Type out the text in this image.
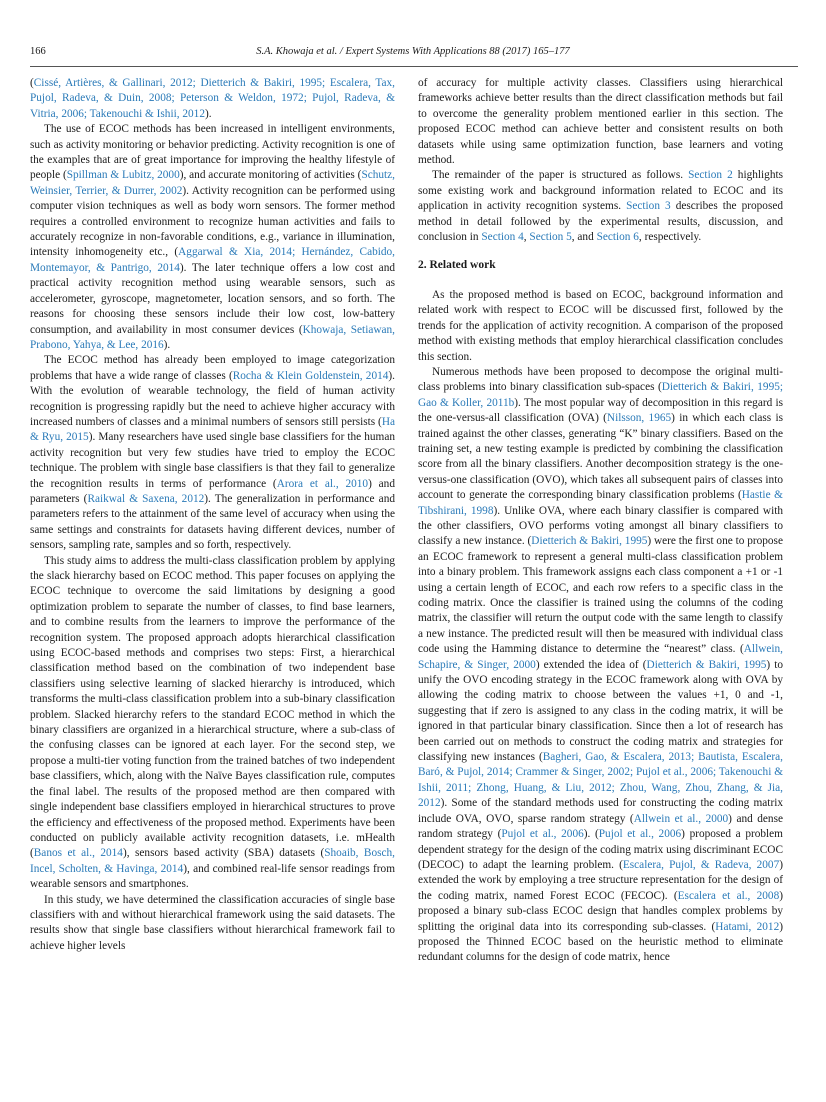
166	S.A. Khowaja et al. / Expert Systems With Applications 88 (2017) 165–177

(Cissé, Artières, & Gallinari, 2012; Dietterich & Bakiri, 1995; Escalera, Tax, Pujol, Radeva, & Duin, 2008; Peterson & Weldon, 1972; Pujol, Radeva, & Vitria, 2006; Takenouchi & Ishii, 2012).

The use of ECOC methods has been increased in intelligent environments, such as activity monitoring or behavior predicting. Activity recognition is one of the examples that are of great importance for improving the healthy lifestyle of people (Spillman & Lubitz, 2000), and accurate monitoring of activities (Schutz, Weinsier, Terrier, & Durrer, 2002). Activity recognition can be performed using computer vision techniques as well as body worn sensors. The former method requires a controlled environment to recognize human activities and fails to accurately recognize in non-favorable conditions, e.g., variance in illumination, intensity inhomogeneity etc., (Aggarwal & Xia, 2014; Hernández, Cabido, Montemayor, & Pantrigo, 2014). The later technique offers a low cost and practical activity recognition method using wearable sensors, such as accelerometer, gyroscope, magnetometer, location sensors, and so forth. The reasons for choosing these sensors include their low cost, low-battery consumption, and availability in most consumer devices (Khowaja, Setiawan, Prabono, Yahya, & Lee, 2016).

The ECOC method has already been employed to image categorization problems that have a wide range of classes (Rocha & Klein Goldenstein, 2014). With the evolution of wearable technology, the field of human activity recognition is progressing rapidly but the need to achieve higher accuracy with increased numbers of classes and a minimal numbers of sensors still persists (Ha & Ryu, 2015). Many researchers have used single base classifiers for the human activity recognition but very few studies have tried to employ the ECOC technique. The problem with single base classifiers is that they fail to generalize the recognition results in terms of performance (Arora et al., 2010) and parameters (Raikwal & Saxena, 2012). The generalization in performance and parameters refers to the attainment of the same level of accuracy when using the same settings and constraints for datasets having different devices, number of sensors, sampling rate, samples and so forth, respectively.

This study aims to address the multi-class classification problem by applying the slack hierarchy based on ECOC method. This paper focuses on applying the ECOC technique to overcome the said limitations by designing a good optimization problem to separate the number of classes, to find base learners, and to combine results from the learners to improve the performance of the recognition system. The proposed approach adopts hierarchical classification using ECOC-based methods and comprises two steps: First, a hierarchical classification method based on the combination of two independent base classifiers using selective learning of slacked hierarchy is introduced, which transforms the multi-class classification problem into a sub-binary classification problem. Slacked hierarchy refers to the standard ECOC method in which the binary classifiers are organized in a hierarchical structure, where a sub-class of the confusing classes can be ignored at each layer. For the second step, we propose a multi-tier voting function from the trained batches of two independent base classifiers, which, along with the Naïve Bayes classification rule, computes the final label. The results of the proposed method are then compared with single independent base classifiers employed in hierarchical structures to prove the efficiency and effectiveness of the proposed method. Experiments have been conducted on publicly available activity recognition datasets, i.e. mHealth (Banos et al., 2014), sensors based activity (SBA) datasets (Shoaib, Bosch, Incel, Scholten, & Havinga, 2014), and combined real-life sensor readings from wearable sensors and smartphones.

In this study, we have determined the classification accuracies of single base classifiers with and without hierarchical framework using the said datasets. The results show that single base classifiers without hierarchical framework fail to achieve higher levels

of accuracy for multiple activity classes. Classifiers using hierarchical frameworks achieve better results than the direct classification methods but fail to overcome the generality problem mentioned earlier in this section. The proposed ECOC method can achieve better and consistent results on both datasets while using same optimization function, base learners and voting method.

The remainder of the paper is structured as follows. Section 2 highlights some existing work and background information related to ECOC and its application in activity recognition systems. Section 3 describes the proposed method in detail followed by the experimental results, discussion, and conclusion in Section 4, Section 5, and Section 6, respectively.

2. Related work

As the proposed method is based on ECOC, background information and related work with respect to ECOC will be discussed first, followed by the trends for the application of activity recognition. A comparison of the proposed method with existing methods that employ hierarchical classification concludes this section.

Numerous methods have been proposed to decompose the original multi-class problems into binary classification sub-spaces (Dietterich & Bakiri, 1995; Gao & Koller, 2011b). The most popular way of decomposition in this regard is the one-versus-all classification (OVA) (Nilsson, 1965) in which each class is trained against the other classes, generating “K” binary classifiers. Based on the training set, a new testing example is predicted by combining the classification score from all the binary classifiers. Another decomposition strategy is the one-versus-one classification (OVO), which takes all subsequent pairs of classes into account to generate the corresponding binary classification problems (Hastie & Tibshirani, 1998). Unlike OVA, where each binary classifier is compared with the other classifiers, OVO performs voting amongst all binary classifiers to classify a new instance. (Dietterich & Bakiri, 1995) were the first one to propose an ECOC framework to represent a general multi-class classification problem into a binary problem. This framework assigns each class component a +1 or -1 using a certain length of ECOC, and each row refers to a specific class in the coding matrix. Once the classifier is trained using the columns of the coding matrix, the classifier will return the output code with the same length to classify a new instance. The predicted result will then be measured with individual class code using the Hamming distance to determine the “nearest” class. (Allwein, Schapire, & Singer, 2000) extended the idea of (Dietterich & Bakiri, 1995) to unify the OVO encoding strategy in the ECOC framework along with OVA by allowing the coding matrix to choose between the values +1, 0 and -1, suggesting that if zero is assigned to any class in the coding matrix, it will be ignored in that particular binary classification. Since then a lot of research has been carried out on methods to construct the coding matrix and strategies for classifying new instances (Bagheri, Gao, & Escalera, 2013; Bautista, Escalera, Baró, & Pujol, 2014; Crammer & Singer, 2002; Pujol et al., 2006; Takenouchi & Ishii, 2011; Zhong, Huang, & Liu, 2012; Zhou, Wang, Zhou, Zhang, & Jia, 2012). Some of the standard methods used for constructing the coding matrix include OVA, OVO, sparse random strategy (Allwein et al., 2000) and dense random strategy (Pujol et al., 2006). (Pujol et al., 2006) proposed a problem dependent strategy for the design of the coding matrix using discriminant ECOC (DECOC) to adapt the learning problem. (Escalera, Pujol, & Radeva, 2007) extended the work by employing a tree structure representation for the design of the coding matrix, named Forest ECOC (FECOC). (Escalera et al., 2008) proposed a binary sub-class ECOC design that handles complex problems by splitting the original data into its corresponding sub-classes. (Hatami, 2012) proposed the Thinned ECOC based on the heuristic method to eliminate redundant columns for the design of code matrix, hence
